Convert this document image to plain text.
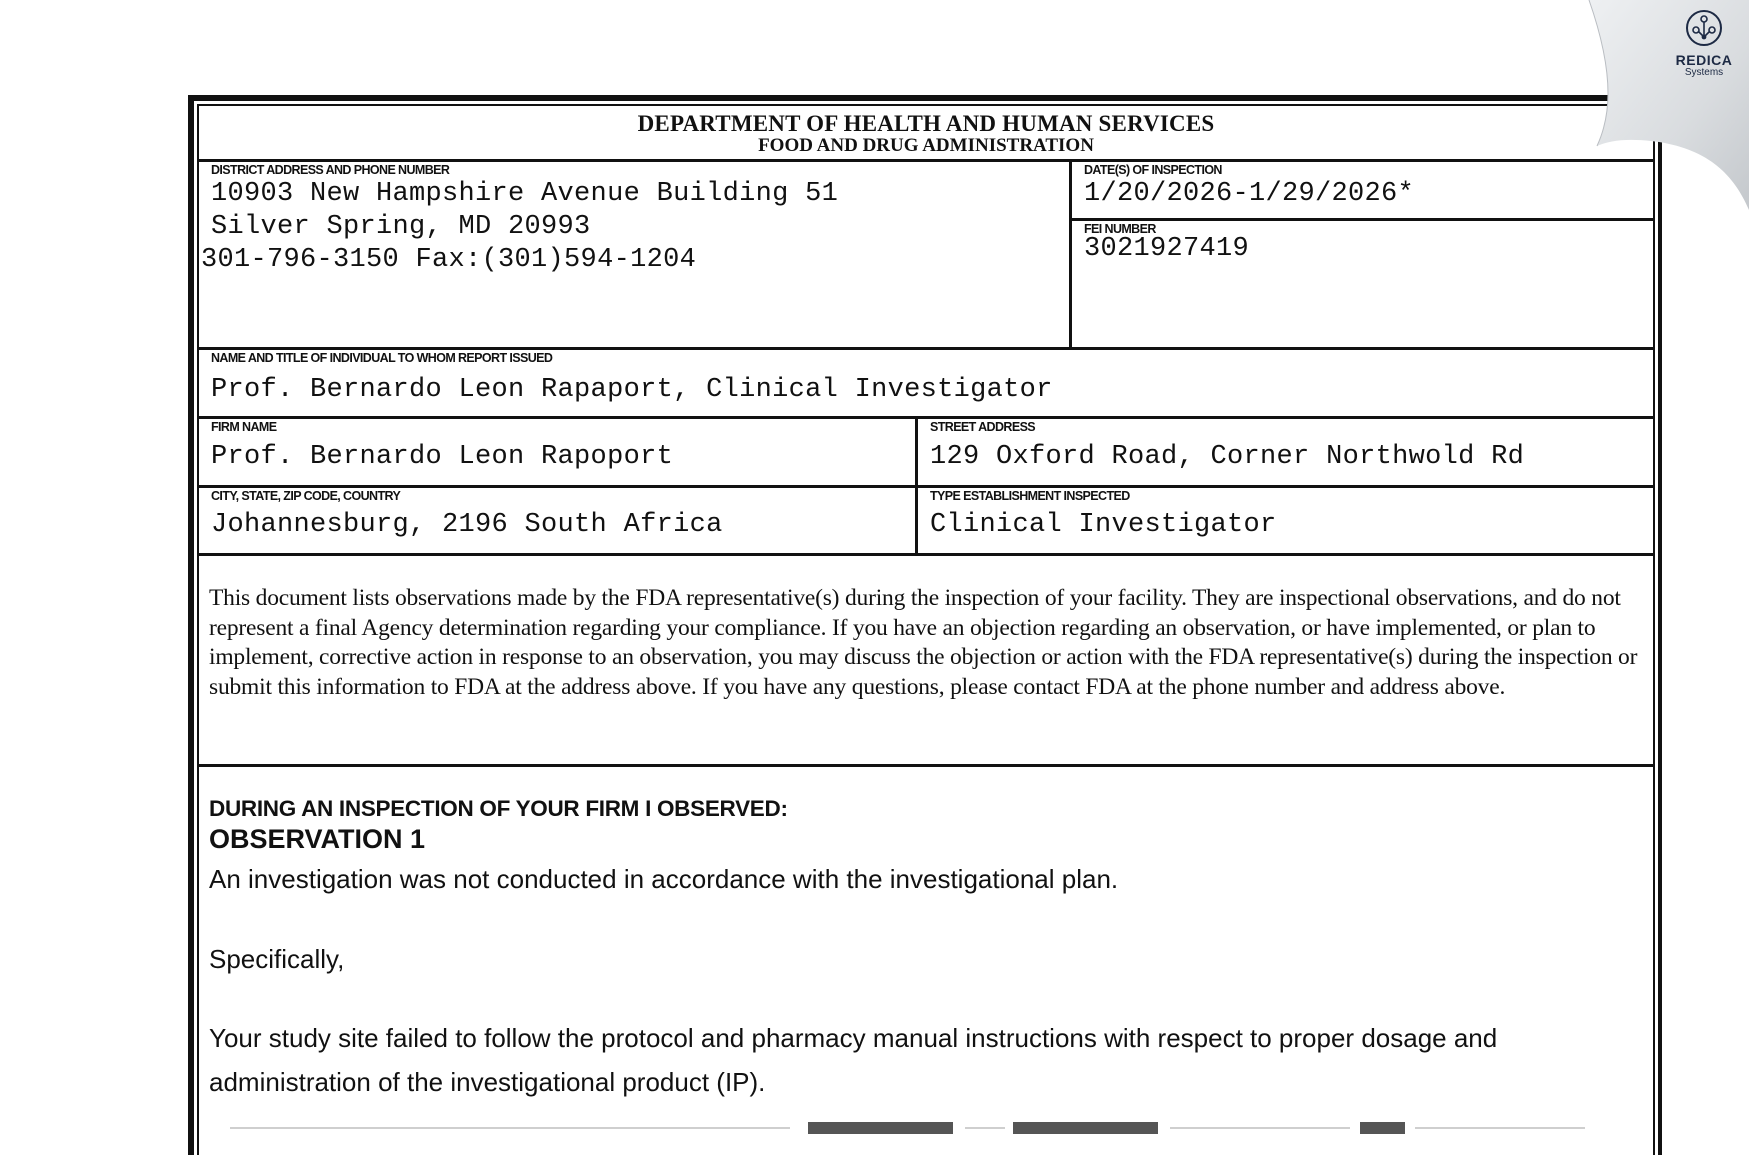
DEPARTMENT OF HEALTH AND HUMAN SERVICES
FOOD AND DRUG ADMINISTRATION
DISTRICT ADDRESS AND PHONE NUMBER
10903 New Hampshire Avenue Building 51
Silver Spring, MD 20993
301-796-3150 Fax:(301)594-1204
DATE(S) OF INSPECTION
1/20/2026-1/29/2026*
FEI NUMBER
3021927419
NAME AND TITLE OF INDIVIDUAL TO WHOM REPORT ISSUED
Prof. Bernardo Leon Rapaport, Clinical Investigator
FIRM NAME
Prof. Bernardo Leon Rapoport
STREET ADDRESS
129 Oxford Road, Corner Northwold Rd
CITY, STATE, ZIP CODE, COUNTRY
Johannesburg, 2196 South Africa
TYPE ESTABLISHMENT INSPECTED
Clinical Investigator
This document lists observations made by the FDA representative(s) during the inspection of your facility. They are inspectional observations, and do not represent a final Agency determination regarding your compliance. If you have an objection regarding an observation, or have implemented, or plan to implement, corrective action in response to an observation, you may discuss the objection or action with the FDA representative(s) during the inspection or submit this information to FDA at the address above. If you have any questions, please contact FDA at the phone number and address above.
DURING AN INSPECTION OF YOUR FIRM I OBSERVED:
OBSERVATION 1
An investigation was not conducted in accordance with the investigational plan.
Specifically,
Your study site failed to follow the protocol and pharmacy manual instructions with respect to proper dosage and administration of the investigational product (IP).
REDICA
Systems
